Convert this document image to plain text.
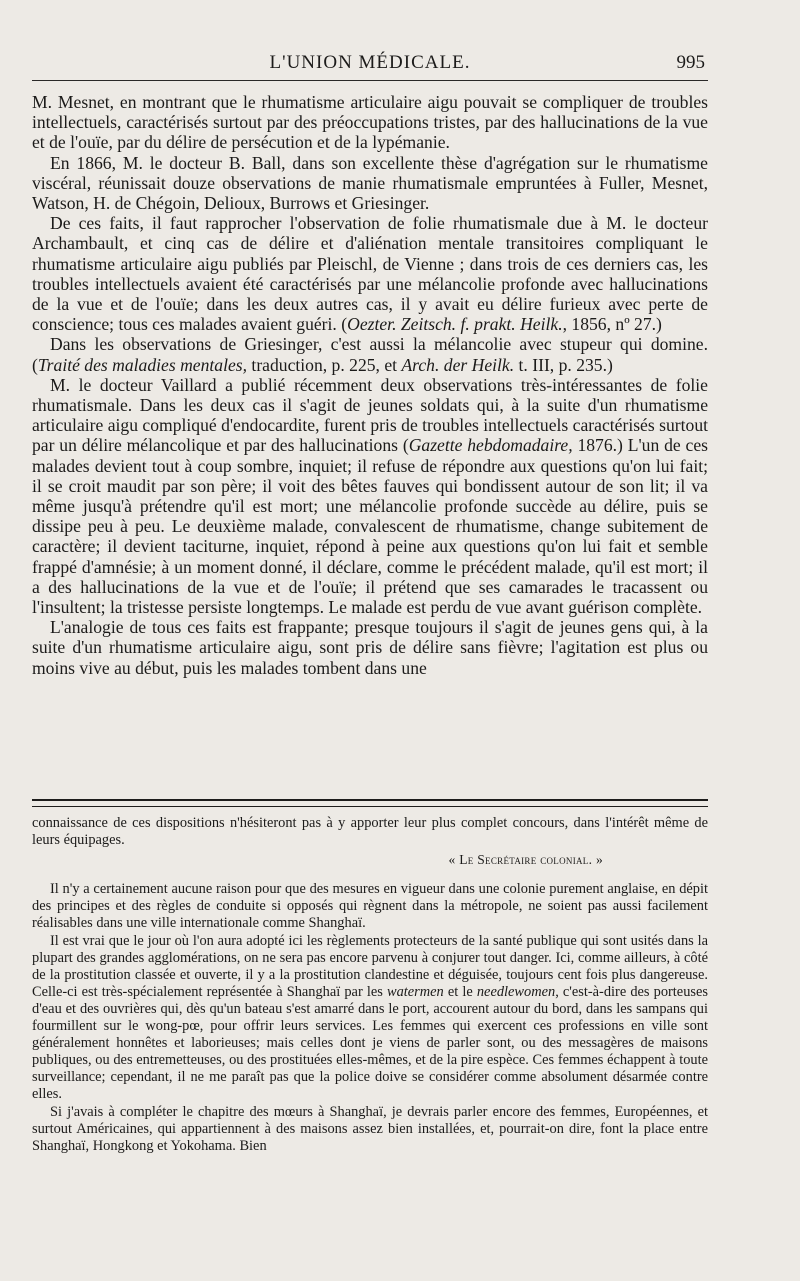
L'UNION MÉDICALE.	995

M. Mesnet, en montrant que le rhumatisme articulaire aigu pouvait se compliquer de troubles intellectuels, caractérisés surtout par des préoccupations tristes, par des hallucinations de la vue et de l'ouïe, par du délire de persécution et de la lypémanie.

En 1866, M. le docteur B. Ball, dans son excellente thèse d'agrégation sur le rhumatisme viscéral, réunissait douze observations de manie rhumatismale empruntées à Fuller, Mesnet, Watson, H. de Chégoin, Delioux, Burrows et Griesinger.

De ces faits, il faut rapprocher l'observation de folie rhumatismale due à M. le docteur Archambault, et cinq cas de délire et d'aliénation mentale transitoires compliquant le rhumatisme articulaire aigu publiés par Pleischl, de Vienne ; dans trois de ces derniers cas, les troubles intellectuels avaient été caractérisés par une mélancolie profonde avec hallucinations de la vue et de l'ouïe; dans les deux autres cas, il y avait eu délire furieux avec perte de conscience; tous ces malades avaient guéri. (Oezter. Zeitsch. f. prakt. Heilk., 1856, nº 27.)

Dans les observations de Griesinger, c'est aussi la mélancolie avec stupeur qui domine. (Traité des maladies mentales, traduction, p. 225, et Arch. der Heilk. t. III, p. 235.)

M. le docteur Vaillard a publié récemment deux observations très-intéressantes de folie rhumatismale. Dans les deux cas il s'agit de jeunes soldats qui, à la suite d'un rhumatisme articulaire aigu compliqué d'endocardite, furent pris de troubles intellectuels caractérisés surtout par un délire mélancolique et par des hallucinations (Gazette hebdomadaire, 1876.) L'un de ces malades devient tout à coup sombre, inquiet; il refuse de répondre aux questions qu'on lui fait; il se croit maudit par son père; il voit des bêtes fauves qui bondissent autour de son lit; il va même jusqu'à prétendre qu'il est mort; une mélancolie profonde succède au délire, puis se dissipe peu à peu. Le deuxième malade, convalescent de rhumatisme, change subitement de caractère; il devient taciturne, inquiet, répond à peine aux questions qu'on lui fait et semble frappé d'amnésie; à un moment donné, il déclare, comme le précédent malade, qu'il est mort; il a des hallucinations de la vue et de l'ouïe; il prétend que ses camarades le tracassent ou l'insultent; la tristesse persiste longtemps. Le malade est perdu de vue avant guérison complète.

L'analogie de tous ces faits est frappante; presque toujours il s'agit de jeunes gens qui, à la suite d'un rhumatisme articulaire aigu, sont pris de délire sans fièvre; l'agitation est plus ou moins vive au début, puis les malades tombent dans une

connaissance de ces dispositions n'hésiteront pas à y apporter leur plus complet concours, dans l'intérêt même de leurs équipages.

« Le Secrétaire colonial. »

Il n'y a certainement aucune raison pour que des mesures en vigueur dans une colonie purement anglaise, en dépit des principes et des règles de conduite si opposés qui règnent dans la métropole, ne soient pas aussi facilement réalisables dans une ville internationale comme Shanghaï.

Il est vrai que le jour où l'on aura adopté ici les règlements protecteurs de la santé publique qui sont usités dans la plupart des grandes agglomérations, on ne sera pas encore parvenu à conjurer tout danger. Ici, comme ailleurs, à côté de la prostitution classée et ouverte, il y a la prostitution clandestine et déguisée, toujours cent fois plus dangereuse. Celle-ci est très-spécialement représentée à Shanghaï par les watermen et le needlewomen, c'est-à-dire des porteuses d'eau et des ouvrières qui, dès qu'un bateau s'est amarré dans le port, accourent autour du bord, dans les sampans qui fourmillent sur le wong-pœ, pour offrir leurs services. Les femmes qui exercent ces professions en ville sont généralement honnêtes et laborieuses; mais celles dont je viens de parler sont, ou des messagères de maisons publiques, ou des entremetteuses, ou des prostituées elles-mêmes, et de la pire espèce. Ces femmes échappent à toute surveillance; cependant, il ne me paraît pas que la police doive se considérer comme absolument désarmée contre elles.

Si j'avais à compléter le chapitre des mœurs à Shanghaï, je devrais parler encore des femmes, Européennes, et surtout Américaines, qui appartiennent à des maisons assez bien installées, et, pourrait-on dire, font la place entre Shanghaï, Hongkong et Yokohama. Bien
